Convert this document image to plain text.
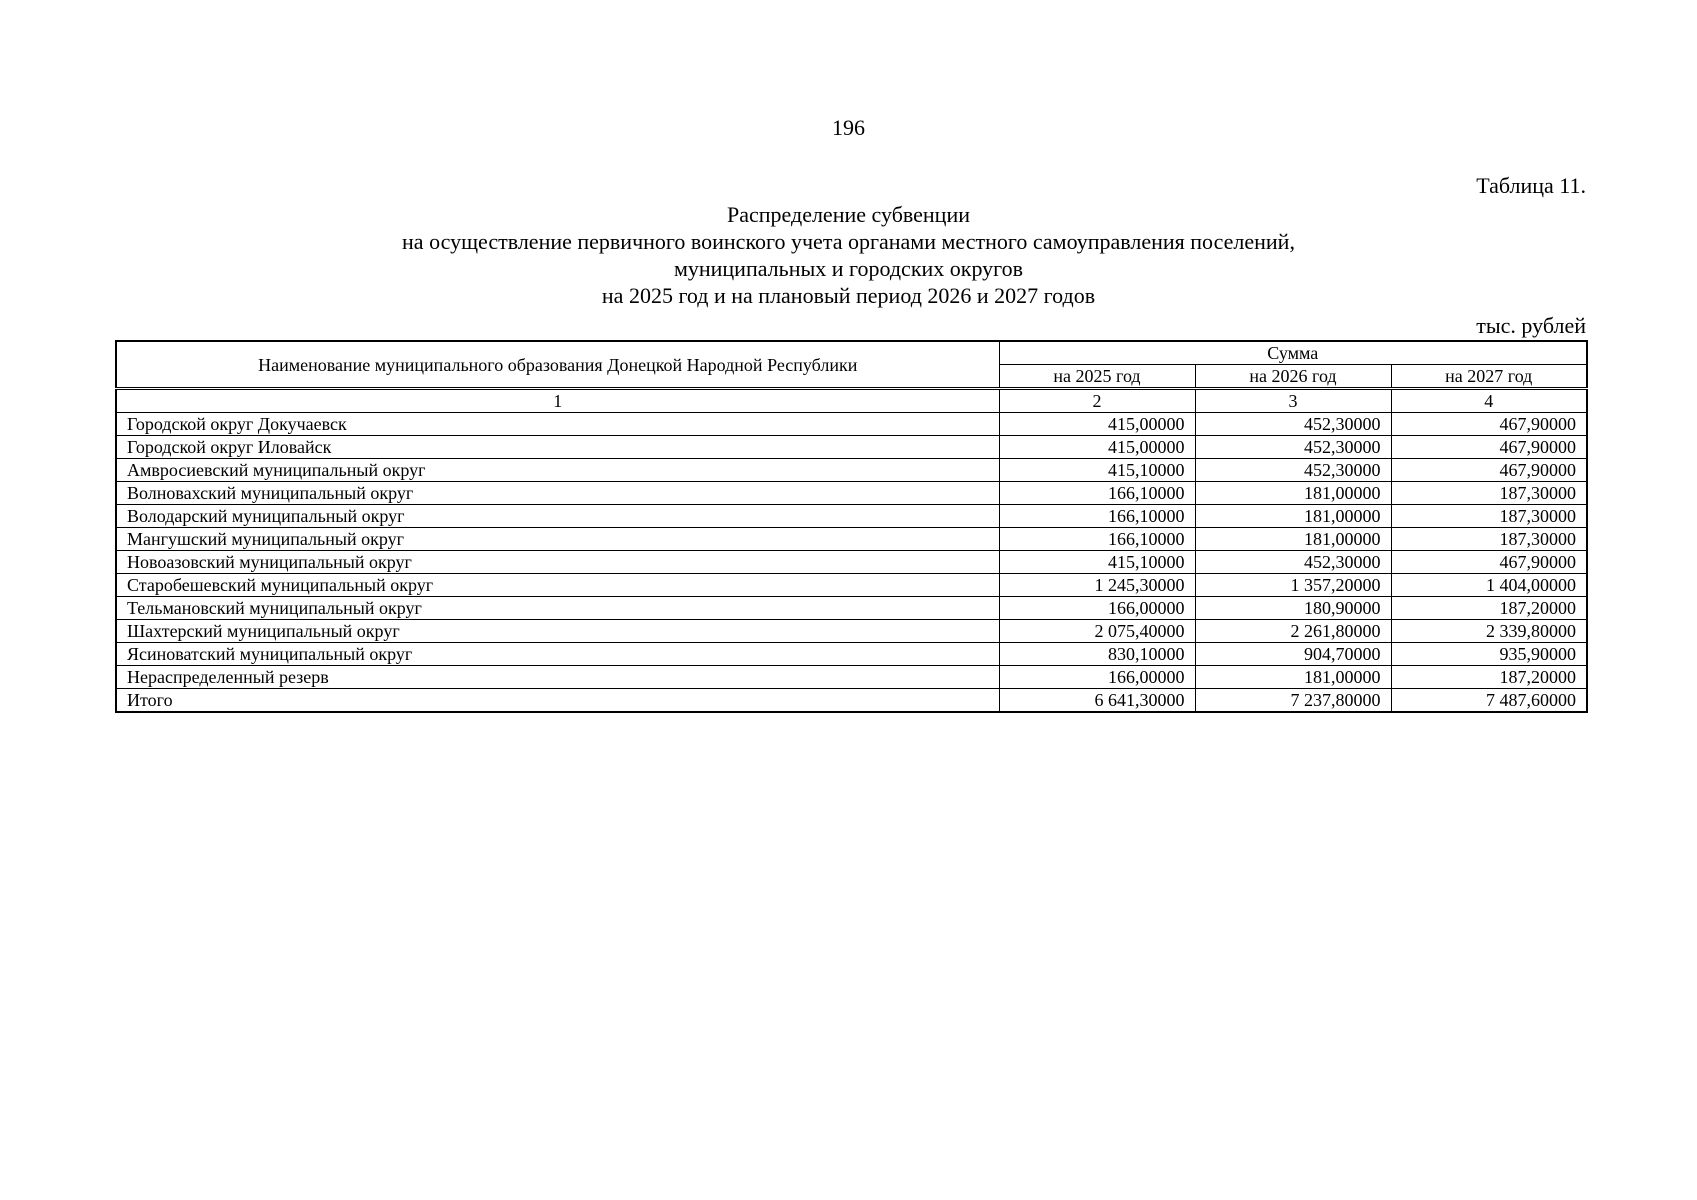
196
Таблица 11.
Распределение субвенции
на осуществление первичного воинского учета органами местного самоуправления поселений,
муниципальных и городских округов
на 2025 год и на плановый период 2026 и 2027 годов
тыс. рублей
Наименование муниципального образования Донецкой Народной Республики	Сумма		
	на 2025 год	на 2026 год	на 2027 год
1	2	3	4
Городской округ Докучаевск	415,00000	452,30000	467,90000
Городской округ Иловайск	415,00000	452,30000	467,90000
Амвросиевский муниципальный округ	415,10000	452,30000	467,90000
Волновахский муниципальный округ	166,10000	181,00000	187,30000
Володарский муниципальный округ	166,10000	181,00000	187,30000
Мангушский муниципальный округ	166,10000	181,00000	187,30000
Новоазовский муниципальный округ	415,10000	452,30000	467,90000
Старобешевский муниципальный округ	1 245,30000	1 357,20000	1 404,00000
Тельмановский муниципальный округ	166,00000	180,90000	187,20000
Шахтерский муниципальный округ	2 075,40000	2 261,80000	2 339,80000
Ясиноватский муниципальный округ	830,10000	904,70000	935,90000
Нераспределенный резерв	166,00000	181,00000	187,20000
Итого	6 641,30000	7 237,80000	7 487,60000
